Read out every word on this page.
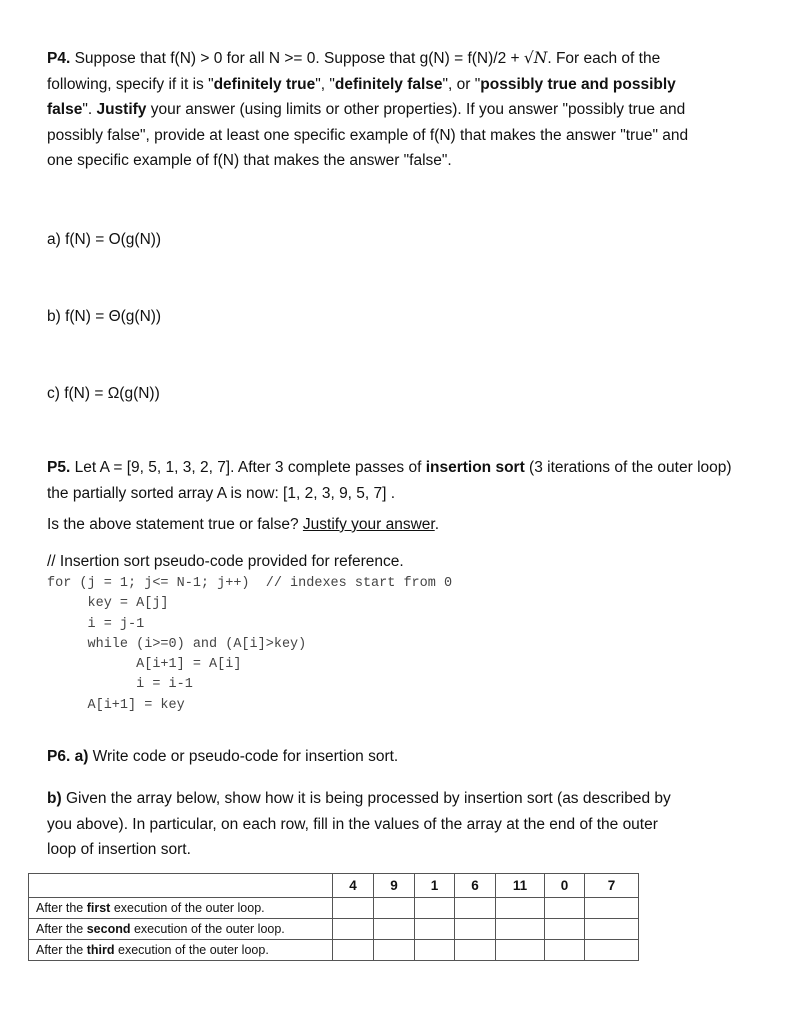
P4. Suppose that f(N) > 0 for all N >= 0. Suppose that g(N) = f(N)/2 + √N. For each of the
following, specify if it is "definitely true", "definitely false", or "possibly true and possibly
false". Justify your answer (using limits or other properties). If you answer "possibly true and
possibly false", provide at least one specific example of f(N) that makes the answer "true" and
one specific example of f(N) that makes the answer "false".
a) f(N) = O(g(N))
b) f(N) = Θ(g(N))
c) f(N) = Ω(g(N))
P5. Let A = [9, 5, 1, 3, 2, 7]. After 3 complete passes of insertion sort (3 iterations of the outer loop)
the partially sorted array A is now: [1, 2, 3, 9, 5, 7] .
Is the above statement true or false? Justify your answer.
// Insertion sort pseudo-code provided for reference.
for (j = 1; j<= N-1; j++)  // indexes start from 0
key = A[j]
i = j-1
while (i>=0) and (A[i]>key)
A[i+1] = A[i]
i = i-1
A[i+1] = key
P6. a) Write code or pseudo-code for insertion sort.
b) Given the array below, show how it is being processed by insertion sort (as described by
you above). In particular, on each row, fill in the values of the array at the end of the outer
loop of insertion sort.
	4	9	1	6	11	0	7
After the first execution of the outer loop.							
After the second execution of the outer loop.							
After the third execution of the outer loop.							
